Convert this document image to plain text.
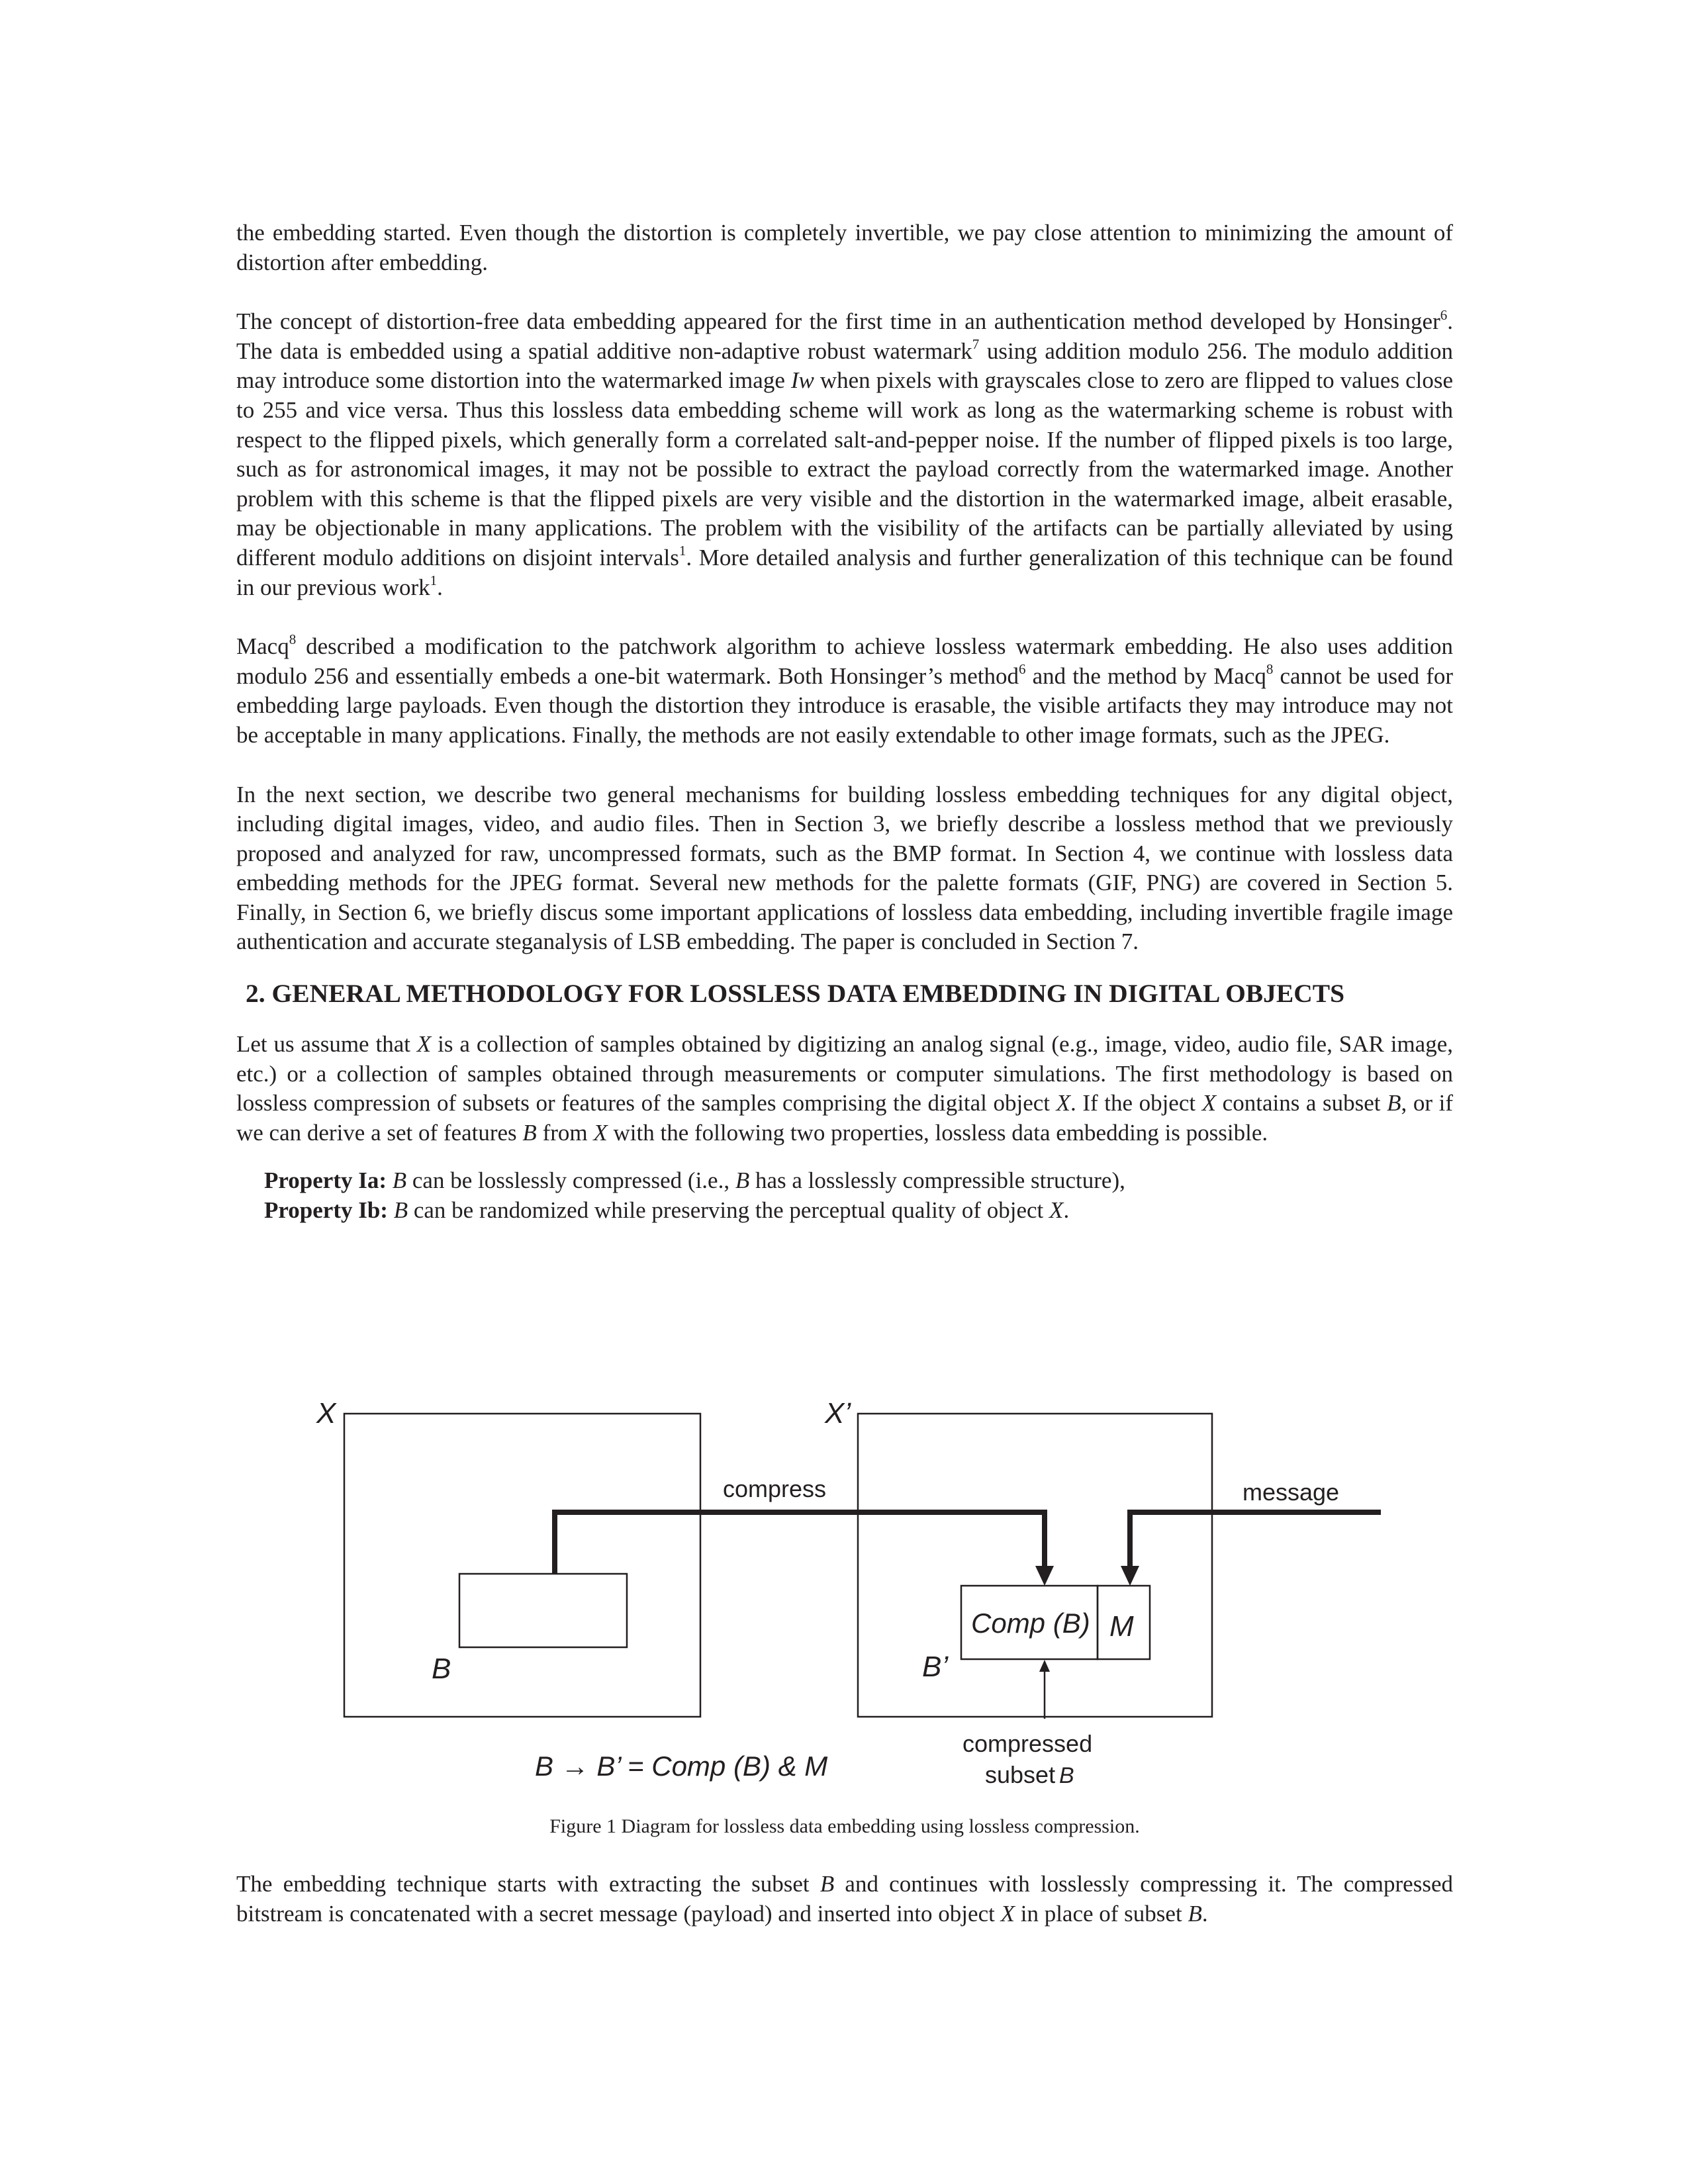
the embedding started. Even though the distortion is completely invertible, we pay close attention to minimizing the amount of distortion after embedding.

The concept of distortion-free data embedding appeared for the first time in an authentication method developed by Honsinger$^6$. The data is embedded using a spatial additive non-adaptive robust watermark$^7$ using addition modulo 256. The modulo addition may introduce some distortion into the watermarked image Iw when pixels with grayscales close to zero are flipped to values close to 255 and vice versa. Thus this lossless data embedding scheme will work as long as the watermarking scheme is robust with respect to the flipped pixels, which generally form a correlated salt-and-pepper noise. If the number of flipped pixels is too large, such as for astronomical images, it may not be possible to extract the payload correctly from the watermarked image. Another problem with this scheme is that the flipped pixels are very visible and the distortion in the watermarked image, albeit erasable, may be objectionable in many applications. The problem with the visibility of the artifacts can be partially alleviated by using different modulo additions on disjoint intervals$^1$. More detailed analysis and further generalization of this technique can be found in our previous work$^1$.

Macq$^8$ described a modification to the patchwork algorithm to achieve lossless watermark embedding. He also uses addition modulo 256 and essentially embeds a one-bit watermark. Both Honsinger’s method$^6$ and the method by Macq$^8$ cannot be used for embedding large payloads. Even though the distortion they introduce is erasable, the visible artifacts they may introduce may not be acceptable in many applications. Finally, the methods are not easily extendable to other image formats, such as the JPEG.

In the next section, we describe two general mechanisms for building lossless embedding techniques for any digital object, including digital images, video, and audio files. Then in Section 3, we briefly describe a lossless method that we previously proposed and analyzed for raw, uncompressed formats, such as the BMP format. In Section 4, we continue with lossless data embedding methods for the JPEG format. Several new methods for the palette formats (GIF, PNG) are covered in Section 5. Finally, in Section 6, we briefly discus some important applications of lossless data embedding, including invertible fragile image authentication and accurate steganalysis of LSB embedding. The paper is concluded in Section 7.

2. GENERAL METHODOLOGY FOR LOSSLESS DATA EMBEDDING IN DIGITAL OBJECTS

Let us assume that X is a collection of samples obtained by digitizing an analog signal (e.g., image, video, audio file, SAR image, etc.) or a collection of samples obtained through measurements or computer simulations. The first methodology is based on lossless compression of subsets or features of the samples comprising the digital object X. If the object X contains a subset B, or if we can derive a set of features B from X with the following two properties, lossless data embedding is possible.

Property Ia: B can be losslessly compressed (i.e., B has a losslessly compressible structure),
Property Ib: B can be randomized while preserving the perceptual quality of object X.
X
B
X’
compress	message
Comp (B) M
B’
compressed
subset B
B → B’ = Comp (B) & M

Figure 1 Diagram for lossless data embedding using lossless compression.

The embedding technique starts with extracting the subset B and continues with losslessly compressing it. The compressed bitstream is concatenated with a secret message (payload) and inserted into object X in place of subset B.
